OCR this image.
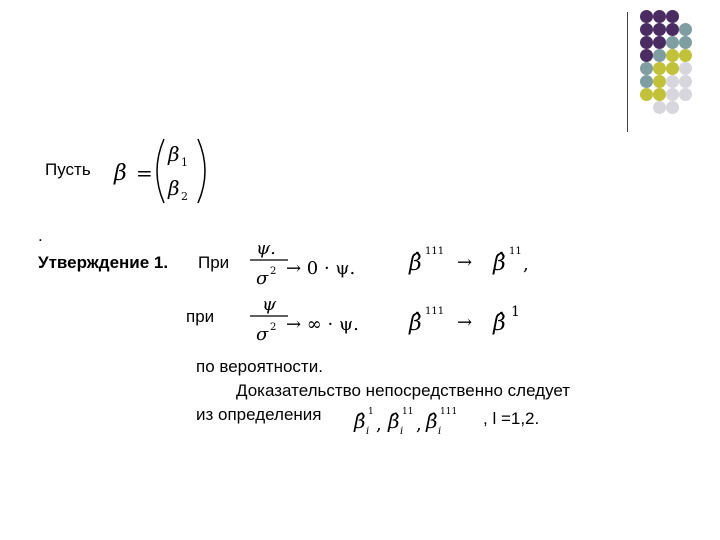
Пусть β =
β 1
β 2
.
Утверждение 1. При
ψ.
σ 2 → 0 · ψ. β̂ 111
→ β̂ 11
,
при
ψ
σ 2 → ∞ · ψ. β̂ 111
→ β̂ 1
по вероятности.
Доказательство непосредственно следует
из определения β̂ 1
i , β̂ 11
i , β̂ 111
i
, l =1,2.
